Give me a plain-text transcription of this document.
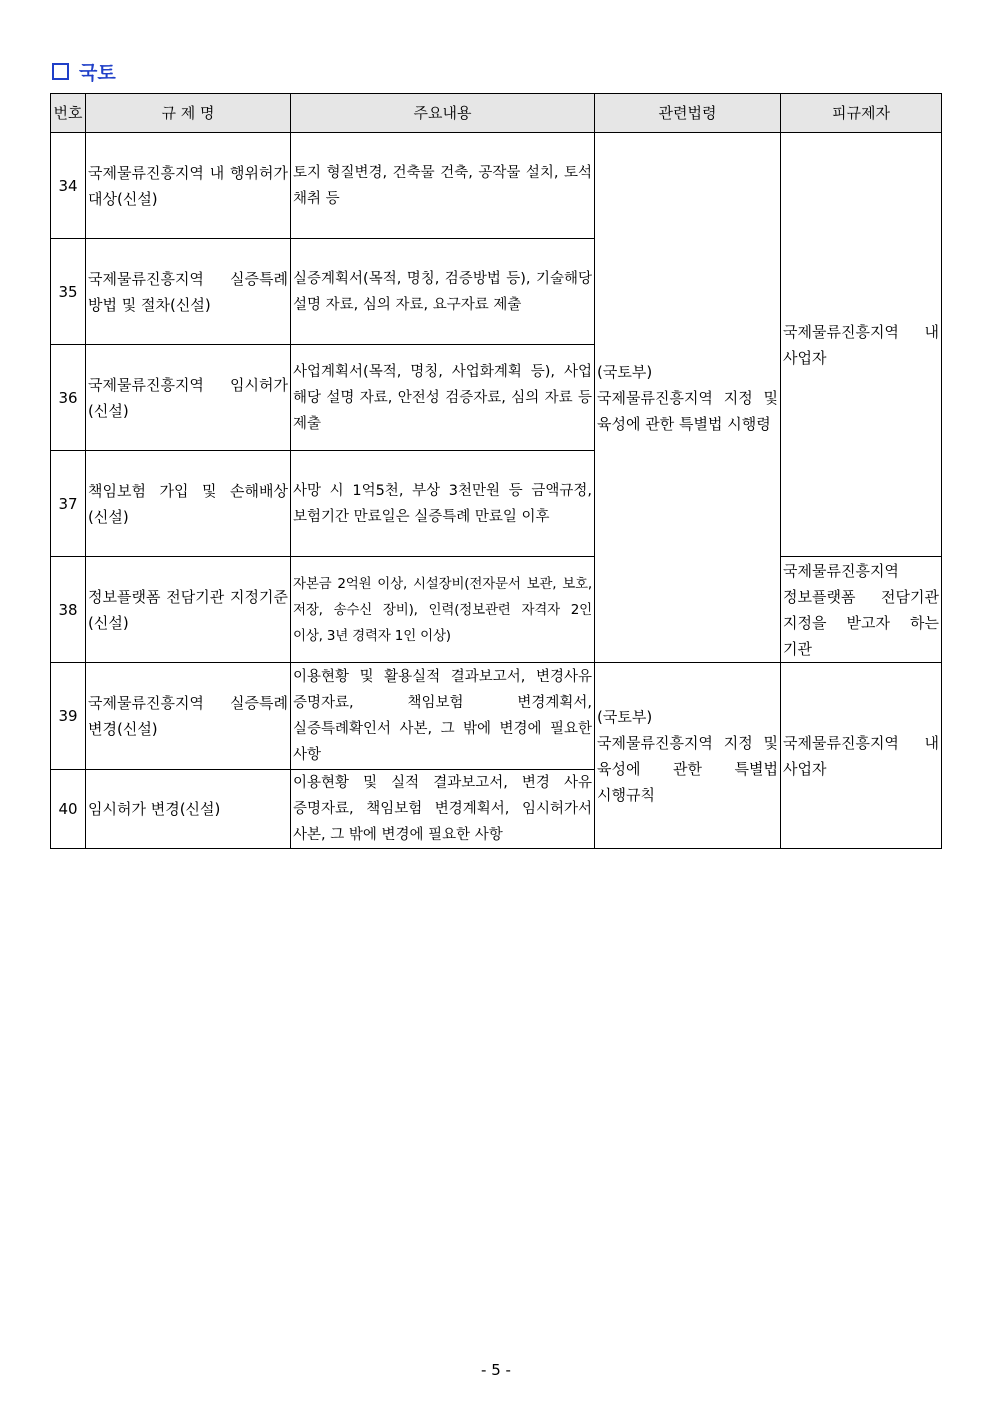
국토
번호	규 제 명	주요내용	관련법령	피규제자
34	국제물류진흥지역 내 행위허가 대상(신설)	토지 형질변경, 건축물 건축, 공작물 설치, 토석 채취 등	(국토부)
국제물류진흥지역 지정 및 육성에 관한 특별법 시행령	국제물류진흥지역 내 사업자
35	국제물류진흥지역 실증특례 방법 및 절차(신설)	실증계획서(목적, 명칭, 검증방법 등), 기술해당 설명 자료, 심의 자료, 요구자료 제출		
36	국제물류진흥지역 임시허가(신설)	사업계획서(목적, 명칭, 사업화계획 등), 사업 해당 설명 자료, 안전성 검증자료, 심의 자료 등 제출		
37	책임보험 가입 및 손해배상(신설)	사망 시 1억5천, 부상 3천만원 등 금액규정, 보험기간 만료일은 실증특례 만료일 이후		
38	정보플랫폼 전담기관 지정기준(신설)	자본금 2억원 이상, 시설장비(전자문서 보관, 보호, 저장, 송수신 장비), 인력(정보관련 자격자 2인 이상, 3년 경력자 1인 이상)		국제물류진흥지역 정보플랫폼 전담기관 지정을 받고자 하는 기관
39	국제물류진흥지역 실증특례 변경(신설)	이용현황 및 활용실적 결과보고서, 변경사유 증명자료, 책임보험 변경계획서, 실증특례확인서 사본, 그 밖에 변경에 필요한 사항	(국토부)
국제물류진흥지역 지정 및 육성에 관한 특별법 시행규칙	국제물류진흥지역 내 사업자
40	임시허가 변경(신설)	이용현황 및 실적 결과보고서, 변경 사유 증명자료, 책임보험 변경계획서, 임시허가서 사본, 그 밖에 변경에 필요한 사항		
- 5 -
